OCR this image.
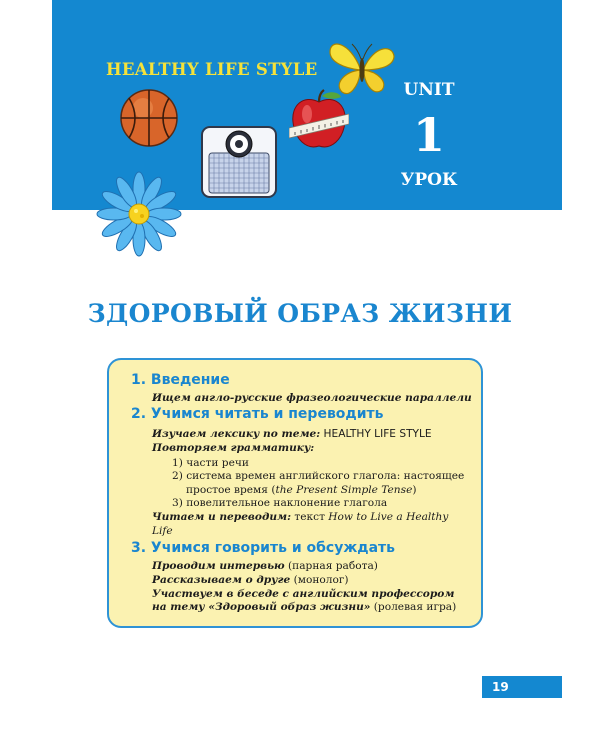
HEALTHY LIFE STYLE
UNIT
1
УРОК
ЗДОРОВЫЙ ОБРАЗ ЖИЗНИ
1. Введение
Ищем англо-русские фразеологические параллели
2. Учимся читать и переводить
Изучаем лексику по теме: HEALTHY LIFE STYLE
Повторяем грамматику:
1) части речи
2) система времен английского глагола: настоящее
простое время (the Present Simple Tense)
3) повелительное наклонение глагола
Читаем и переводим: текст How to Live a Healthy
Life
3. Учимся говорить и обсуждать
Проводим интервью (парная работа)
Рассказываем о друге (монолог)
Участвуем в беседе с английским профессором
на тему «Здоровый образ жизни» (ролевая игра)
19
